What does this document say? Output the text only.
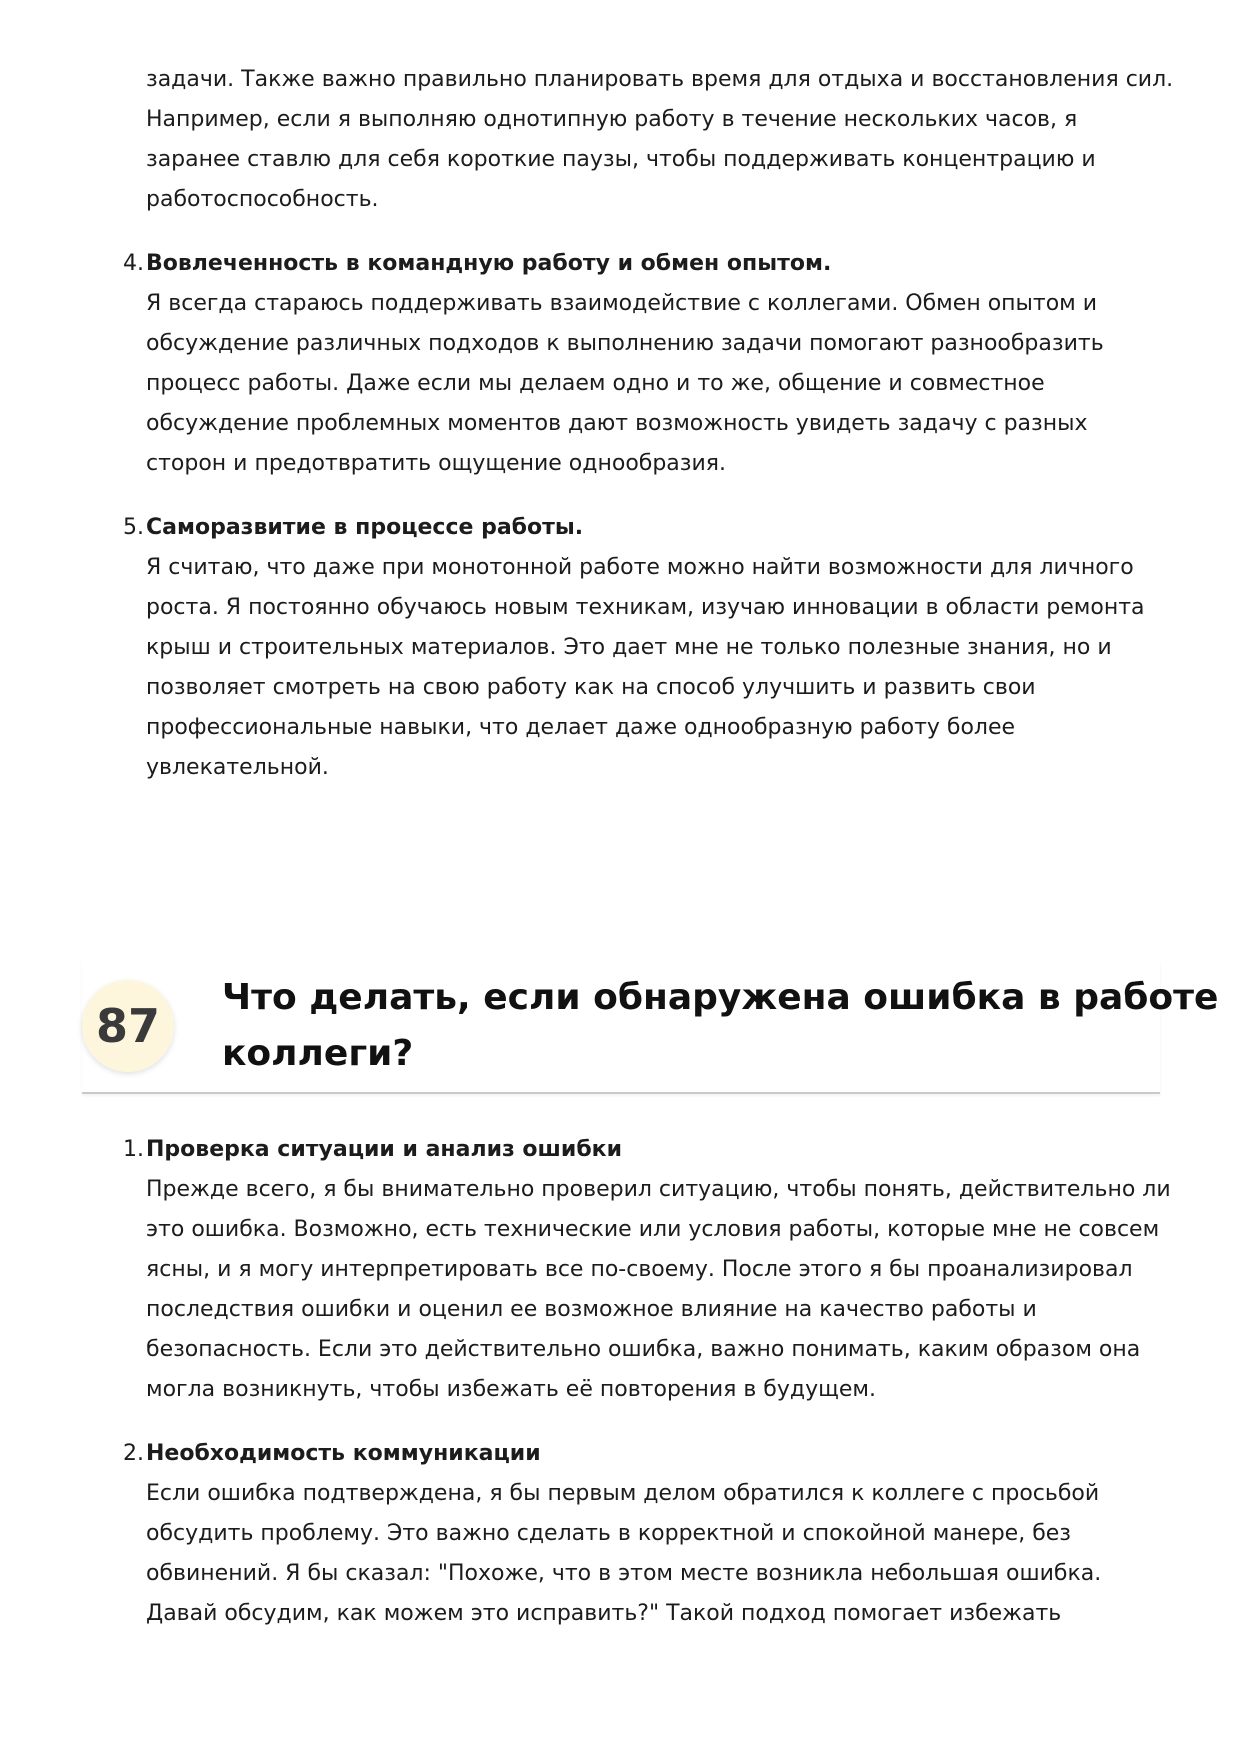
задачи. Также важно правильно планировать время для отдыха и восстановления сил.
Например, если я выполняю однотипную работу в течение нескольких часов, я
заранее ставлю для себя короткие паузы, чтобы поддерживать концентрацию и
работоспособность.
4. Вовлеченность в командную работу и обмен опытом.
Я всегда стараюсь поддерживать взаимодействие с коллегами. Обмен опытом и
обсуждение различных подходов к выполнению задачи помогают разнообразить
процесс работы. Даже если мы делаем одно и то же, общение и совместное
обсуждение проблемных моментов дают возможность увидеть задачу с разных
сторон и предотвратить ощущение однообразия.
5. Саморазвитие в процессе работы.
Я считаю, что даже при монотонной работе можно найти возможности для личного
роста. Я постоянно обучаюсь новым техникам, изучаю инновации в области ремонта
крыш и строительных материалов. Это дает мне не только полезные знания, но и
позволяет смотреть на свою работу как на способ улучшить и развить свои
профессиональные навыки, что делает даже однообразную работу более
увлекательной.
87
Что делать, если обнаружена ошибка в работе
коллеги?
1. Проверка ситуации и анализ ошибки
Прежде всего, я бы внимательно проверил ситуацию, чтобы понять, действительно ли
это ошибка. Возможно, есть технические или условия работы, которые мне не совсем
ясны, и я могу интерпретировать все по-своему. После этого я бы проанализировал
последствия ошибки и оценил ее возможное влияние на качество работы и
безопасность. Если это действительно ошибка, важно понимать, каким образом она
могла возникнуть, чтобы избежать её повторения в будущем.
2. Необходимость коммуникации
Если ошибка подтверждена, я бы первым делом обратился к коллеге с просьбой
обсудить проблему. Это важно сделать в корректной и спокойной манере, без
обвинений. Я бы сказал: "Похоже, что в этом месте возникла небольшая ошибка.
Давай обсудим, как можем это исправить?" Такой подход помогает избежать
